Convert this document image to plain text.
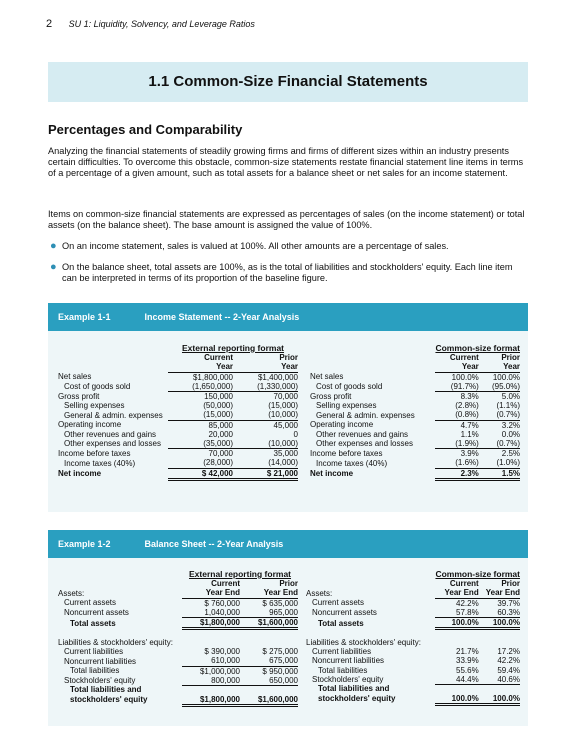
2 SU 1: Liquidity, Solvency, and Leverage Ratios
1.1 Common-Size Financial Statements
Percentages and Comparability
Analyzing the financial statements of steadily growing firms and firms of different sizes within an industry presents certain difficulties. To overcome this obstacle, common-size statements restate financial statement line items in terms of a percentage of a given amount, such as total assets for a balance sheet or net sales for an income statement.
Items on common-size financial statements are expressed as percentages of sales (on the income statement) or total assets (on the balance sheet). The base amount is assigned the value of 100%.
● On an income statement, sales is valued at 100%. All other amounts are a percentage of sales.
● On the balance sheet, total assets are 100%, as is the total of liabilities and stockholders' equity. Each line item can be interpreted in terms of its proportion of the baseline figure.
Example 1-1	Income Statement -- 2-Year Analysis
	External reporting format	
	Current	Prior
	Year	Year
Net sales	$1,800,000	$1,400,000
Cost of goods sold	(1,650,000)	(1,330,000)
Gross profit	150,000	70,000
Selling expenses	(50,000)	(15,000)
General & admin. expenses	(15,000)	(10,000)
Operating income	85,000	45,000
Other revenues and gains	20,000	0
Other expenses and losses	(35,000)	(10,000)
Income before taxes	70,000	35,000
Income taxes (40%)	(28,000)	(14,000)
Net income	$ 42,000	$ 21,000
	Common-size format	
	Current	Prior
	Year	Year
Net sales	100.0%	100.0%
Cost of goods sold	(91.7%)	(95.0%)
Gross profit	8.3%	5.0%
Selling expenses	(2.8%)	(1.1%)
General & admin. expenses	(0.8%)	(0.7%)
Operating income	4.7%	3.2%
Other revenues and gains	1.1%	0.0%
Other expenses and losses	(1.9%)	(0.7%)
Income before taxes	3.9%	2.5%
Income taxes (40%)	(1.6%)	(1.0%)
Net income	2.3%	1.5%
Example 1-2	Balance Sheet -- 2-Year Analysis
	External reporting format	
	Current	Prior
Assets:	Year End	Year End
Current assets	$ 760,000	$ 635,000
Noncurrent assets	1,040,000	965,000
Total assets	$1,800,000	$1,600,000

Liabilities & stockholders' equity:		
Current liabilities	$ 390,000	$ 275,000
Noncurrent liabilities	610,000	675,000
Total liabilities	$1,000,000	$ 950,000
Stockholders' equity	800,000	650,000
Total liabilities and		
stockholders' equity	$1,800,000	$1,600,000
	Common-size format	
	Current	Prior
Assets:	Year End	Year End
Current assets	42.2%	39.7%
Noncurrent assets	57.8%	60.3%
Total assets	100.0%	100.0%

Liabilities & stockholders' equity:		
Current liabilities	21.7%	17.2%
Noncurrent liabilities	33.9%	42.2%
Total liabilities	55.6%	59.4%
Stockholders' equity	44.4%	40.6%
Total liabilities and		
stockholders' equity	100.0%	100.0%
